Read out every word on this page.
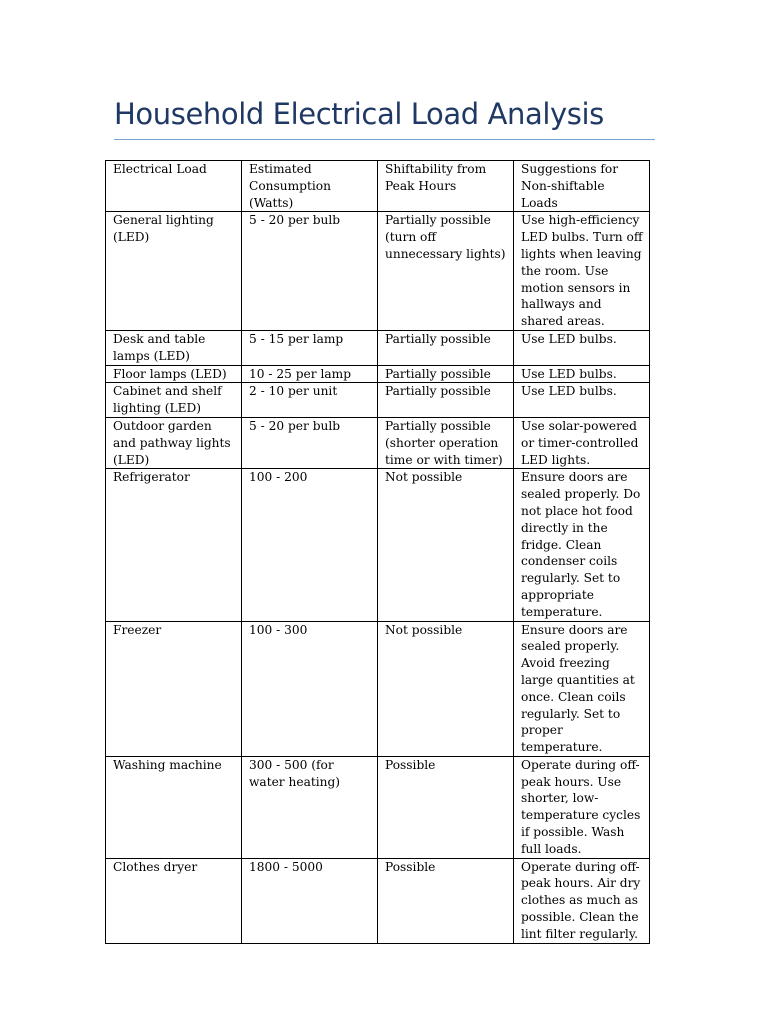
Household Electrical Load Analysis
Electrical Load	Estimated Consumption (Watts)	Shiftability from Peak Hours	Suggestions for Non-shiftable Loads
General lighting (LED)	5 - 20 per bulb	Partially possible (turn off unnecessary lights)	Use high-efficiency LED bulbs. Turn off lights when leaving the room. Use motion sensors in hallways and shared areas.
Desk and table lamps (LED)	5 - 15 per lamp	Partially possible	Use LED bulbs.
Floor lamps (LED)	10 - 25 per lamp	Partially possible	Use LED bulbs.
Cabinet and shelf lighting (LED)	2 - 10 per unit	Partially possible	Use LED bulbs.
Outdoor garden and pathway lights (LED)	5 - 20 per bulb	Partially possible (shorter operation time or with timer)	Use solar-powered or timer-controlled LED lights.
Refrigerator	100 - 200	Not possible	Ensure doors are sealed properly. Do not place hot food directly in the fridge. Clean condenser coils regularly. Set to appropriate temperature.
Freezer	100 - 300	Not possible	Ensure doors are sealed properly. Avoid freezing large quantities at once. Clean coils regularly. Set to proper temperature.
Washing machine	300 - 500 (for water heating)	Possible	Operate during off-peak hours. Use shorter, low-temperature cycles if possible. Wash full loads.
Clothes dryer	1800 - 5000	Possible	Operate during off-peak hours. Air dry clothes as much as possible. Clean the lint filter regularly.
